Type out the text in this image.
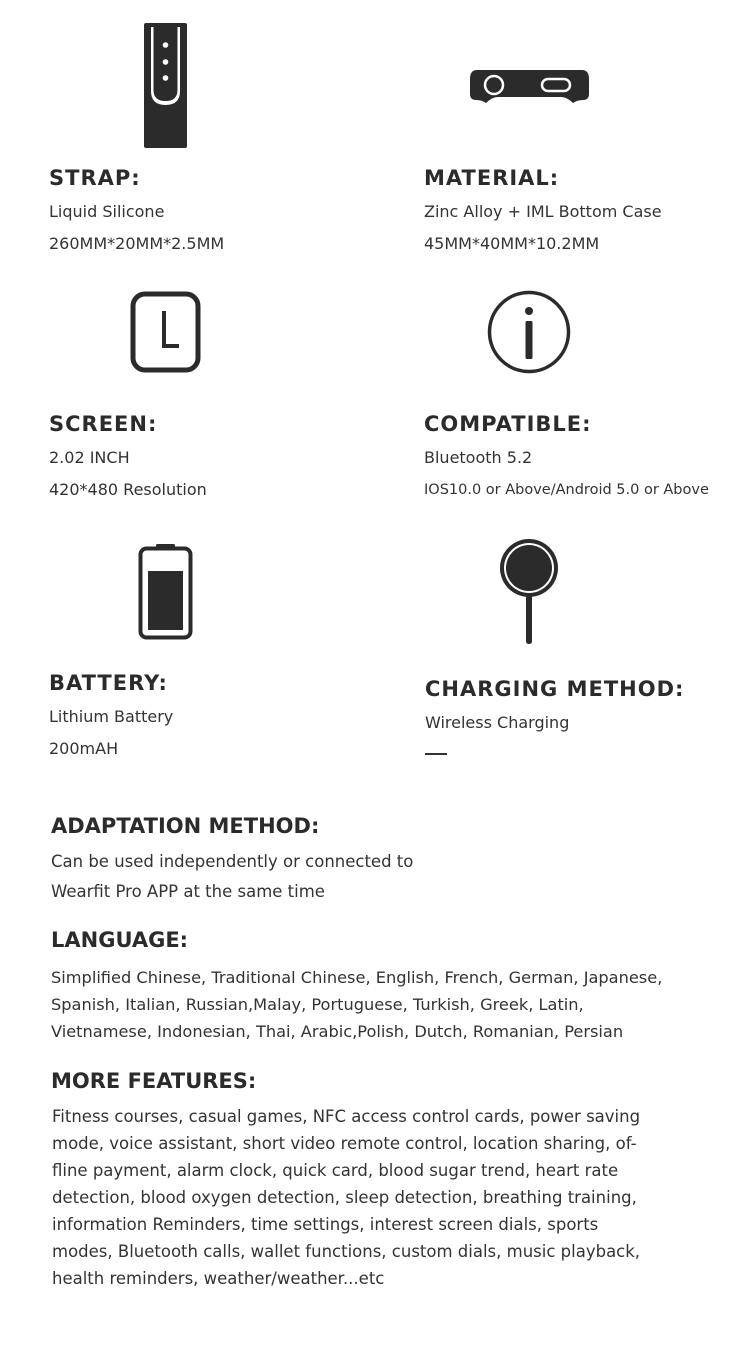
STRAP:
Liquid Silicone
260MM*20MM*2.5MM
MATERIAL:
Zinc Alloy + IML Bottom Case
45MM*40MM*10.2MM
SCREEN:
2.02 INCH
420*480 Resolution
COMPATIBLE:
Bluetooth 5.2
IOS10.0 or Above/Android 5.0 or Above
BATTERY:
Lithium Battery
200mAH
CHARGING METHOD:
Wireless Charging
ADAPTATION METHOD:
Can be used independently or connected to
Wearfit Pro APP at the same time
LANGUAGE:
Simplified Chinese, Traditional Chinese, English, French, German, Japanese,
Spanish, Italian, Russian,Malay, Portuguese, Turkish, Greek, Latin,
Vietnamese, Indonesian, Thai, Arabic,Polish, Dutch, Romanian, Persian
MORE FEATURES:
Fitness courses, casual games, NFC access control cards, power saving
mode, voice assistant, short video remote control, location sharing, of-
fline payment, alarm clock, quick card, blood sugar trend, heart rate
detection, blood oxygen detection, sleep detection, breathing training,
information Reminders, time settings, interest screen dials, sports
modes, Bluetooth calls, wallet functions, custom dials, music playback,
health reminders, weather/weather...etc
